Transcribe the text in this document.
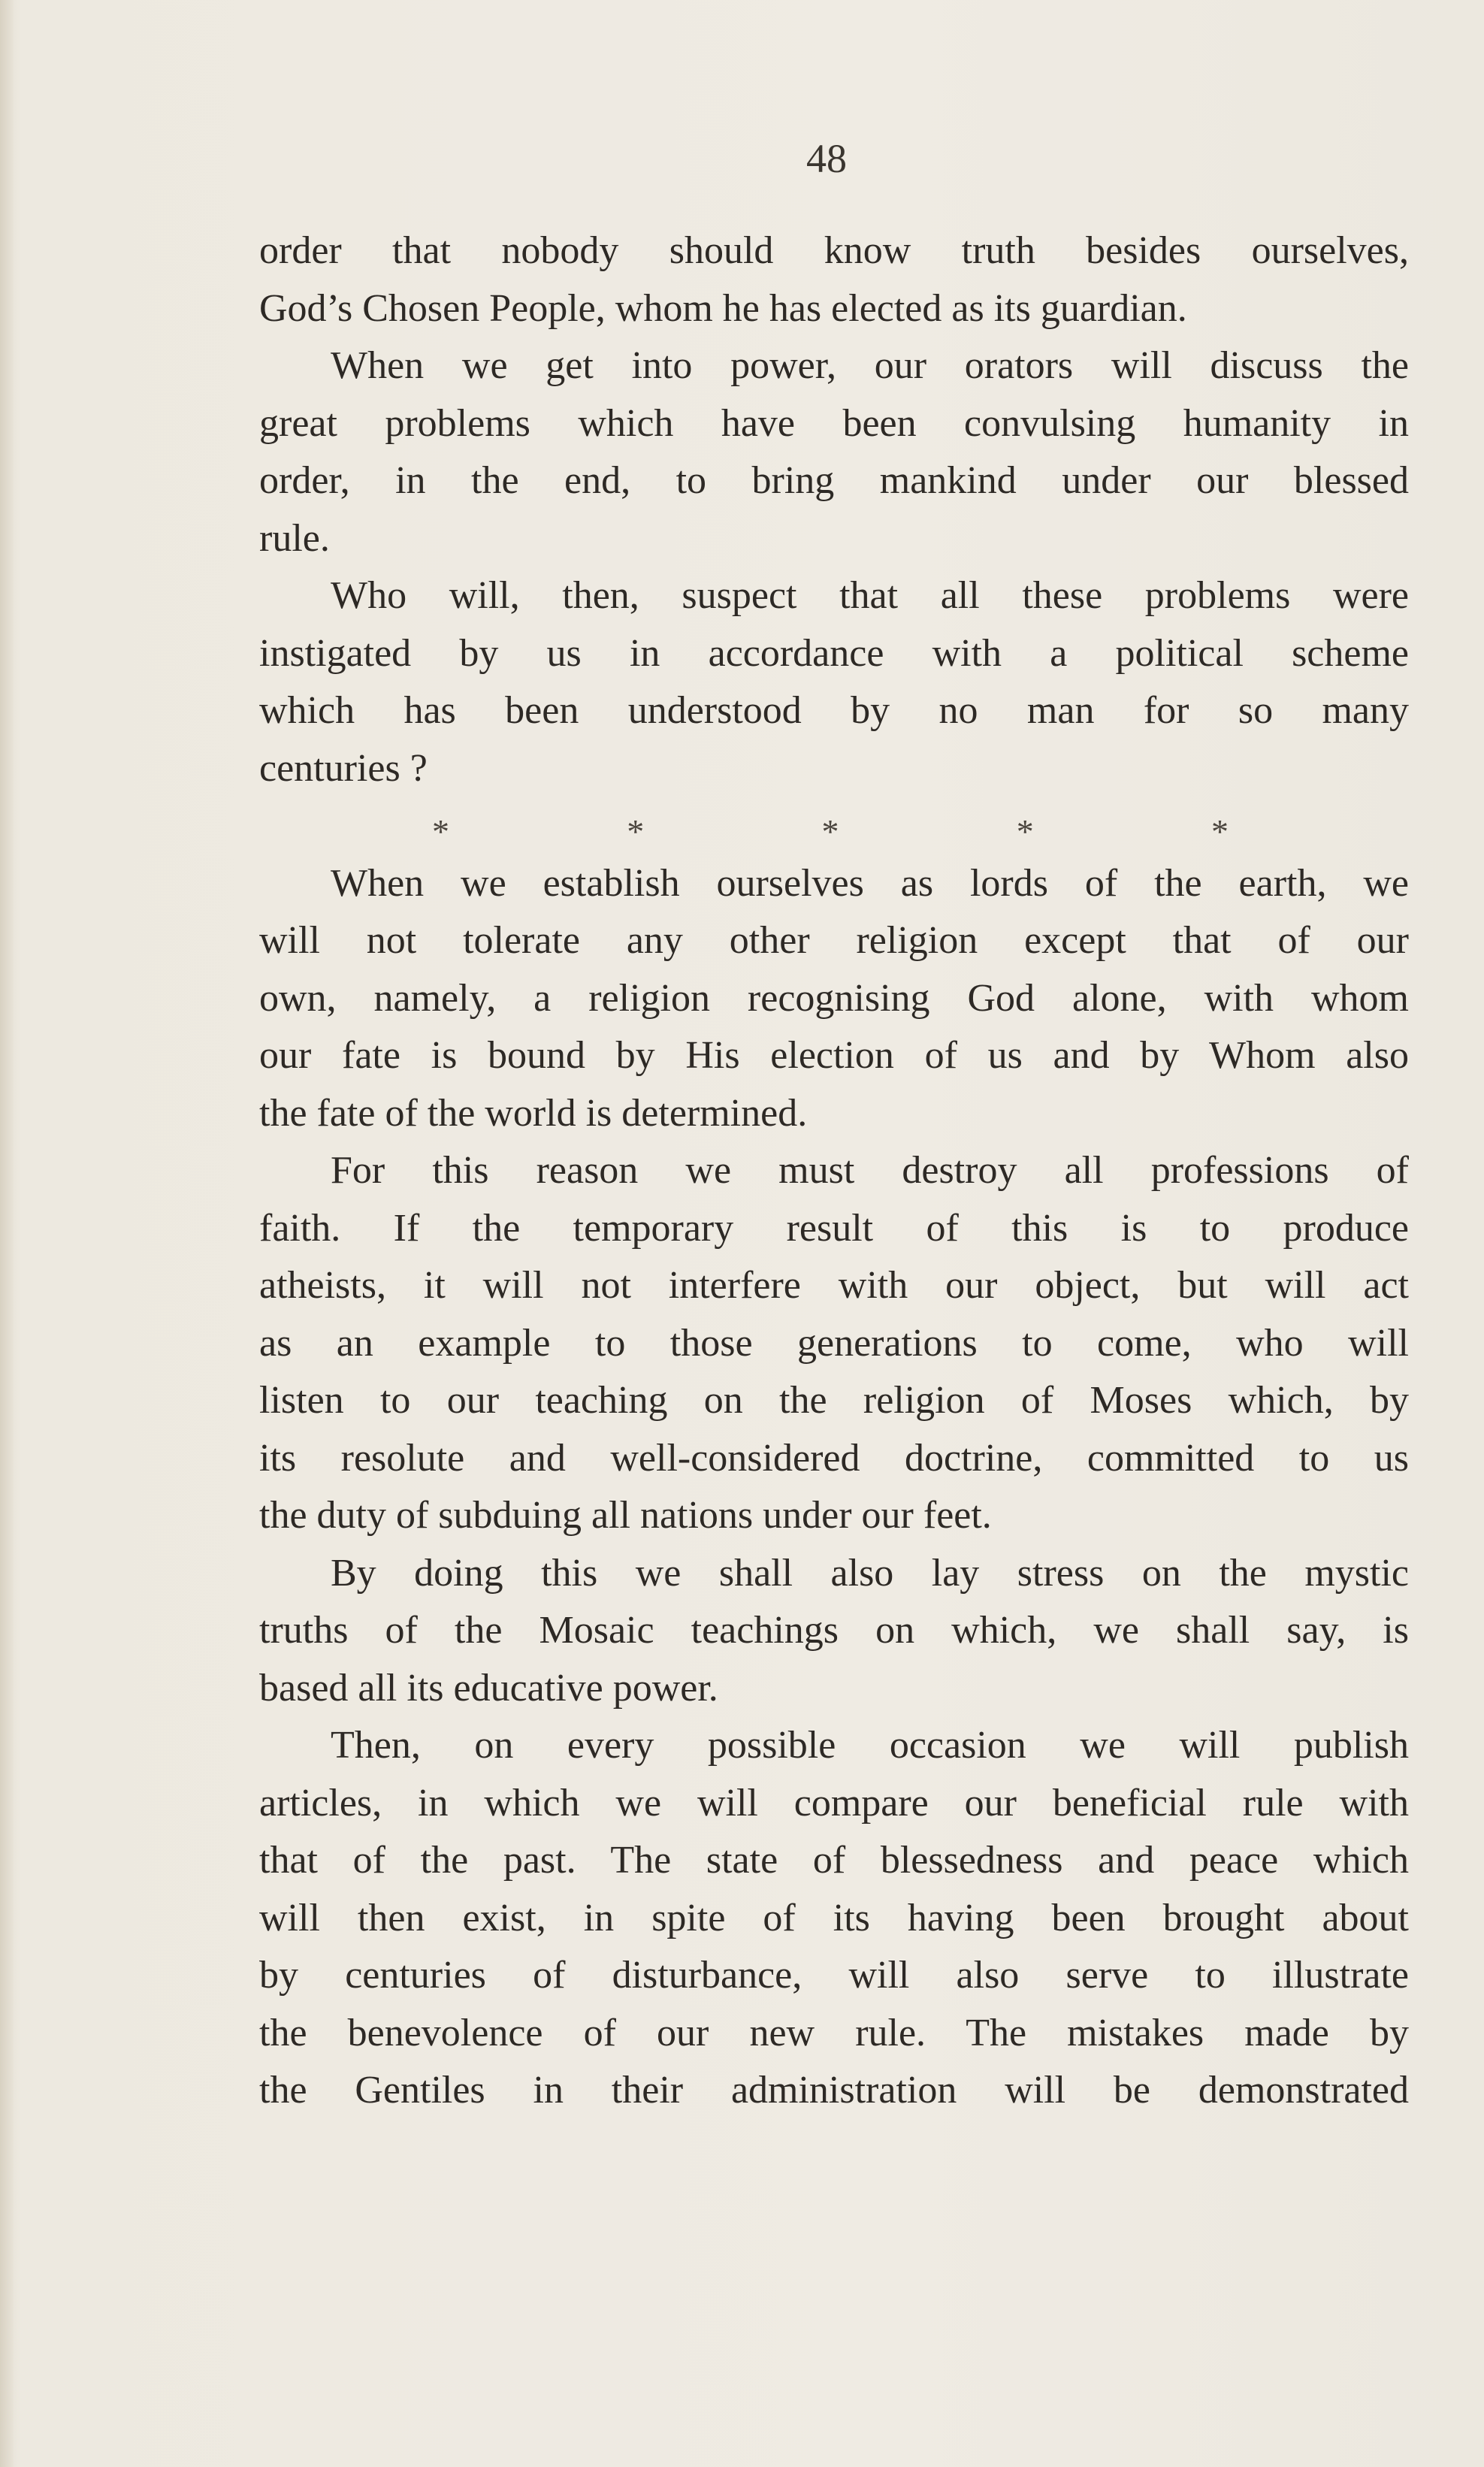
48
order that nobody should know truth besides ourselves,
God’s Chosen People, whom he has elected as its guardian.
When we get into power, our orators will discuss the
great problems which have been convulsing humanity in
order, in the end, to bring mankind under our blessed
rule.
Who will, then, suspect that all these problems were
instigated by us in accordance with a political scheme
which has been understood by no man for so many
centuries ?
*	*	*	*	*
When we establish ourselves as lords of the earth, we
will not tolerate any other religion except that of our
own, namely, a religion recognising God alone, with whom
our fate is bound by His election of us and by Whom also
the fate of the world is determined.
For this reason we must destroy all professions of
faith. If the temporary result of this is to produce
atheists, it will not interfere with our object, but will act
as an example to those generations to come, who will
listen to our teaching on the religion of Moses which, by
its resolute and well-considered doctrine, committed to us
the duty of subduing all nations under our feet.
By doing this we shall also lay stress on the mystic
truths of the Mosaic teachings on which, we shall say, is
based all its educative power.
Then, on every possible occasion we will publish
articles, in which we will compare our beneficial rule with
that of the past. The state of blessedness and peace which
will then exist, in spite of its having been brought about
by centuries of disturbance, will also serve to illustrate
the benevolence of our new rule. The mistakes made by
the Gentiles in their administration will be demonstrated
